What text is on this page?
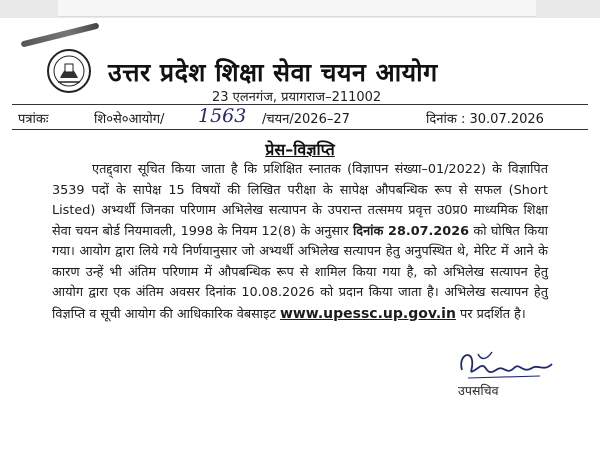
उत्तर प्रदेश शिक्षा सेवा चयन आयोग
23 एलनगंज, प्रयागराज–211002
पत्रांकः	शि०से०आयोग/ 1563 /चयन/2026–27	दिनांक : 30.07.2026
प्रेस–विज्ञप्ति
एतद्द्वारा सूचित किया जाता है कि प्रशिक्षित स्नातक (विज्ञापन संख्या–01/2022) के विज्ञापित 3539 पदों के सापेक्ष 15 विषयों की लिखित परीक्षा के सापेक्ष औपबन्धिक रूप से सफल (Short Listed) अभ्यर्थी जिनका परिणाम अभिलेख सत्यापन के उपरान्त तत्समय प्रवृत्त उ0प्र0 माध्यमिक शिक्षा सेवा चयन बोर्ड नियमावली, 1998 के नियम 12(8) के अनुसार दिनांक 28.07.2026 को घोषित किया गया। आयोग द्वारा लिये गये निर्णयानुसार जो अभ्यर्थी अभिलेख सत्यापन हेतु अनुपस्थित थे, मेरिट में आने के कारण उन्हें भी अंतिम परिणाम में औपबन्धिक रूप से शामिल किया गया है, को अभिलेख सत्यापन हेतु आयोग द्वारा एक अंतिम अवसर दिनांक 10.08.2026 को प्रदान किया जाता है। अभिलेख सत्यापन हेतु विज्ञप्ति व सूची आयोग की आधिकारिक वेबसाइट www.upessc.up.gov.in पर प्रदर्शित है।
उपसचिव
